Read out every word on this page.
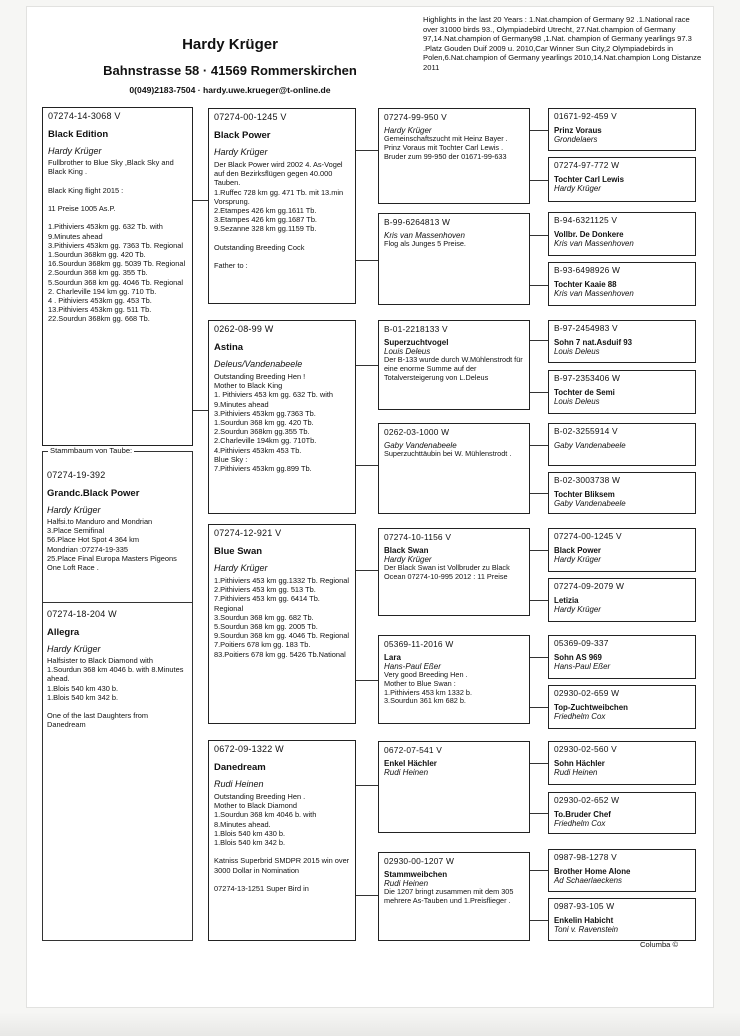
Hardy Krüger
Bahnstrasse 58 · 41569 Rommerskirchen
0(049)2183-7504 · hardy.uwe.krueger@t-online.de
Highlights in the last 20 Years : 1.Nat.champion of Germany 92 .1.National race over 31000 birds 93., Olympiadebird Utrecht, 27.Nat.champion of Germany 97,14.Nat.champion of Germany98 ,1.Nat. champion of Germany yearlings 97.3 .Platz Gouden Duif 2009 u. 2010,Car Winner Sun City,2 Olympiadebirds in Polen,6.Nat.champion of Germany yearlings 2010,14.Nat.champion Long Distanze 2011
07274-14-3068 V
Black Edition
Hardy Krüger
Fullbrother to Blue Sky ,Black Sky and Black King .

Black King flight 2015 :

11 Preise 1005 As.P.

1.Pithiviers 453km gg. 632 Tb. with 9.Minutes ahead
3.Pithiviers 453km gg. 7363 Tb. Regional
1.Sourdun 368km gg. 420 Tb.
16.Sourdun 368km gg. 5039 Tb. Regional
2.Sourdun 368 km gg. 355 Tb.
5.Sourdun 368 km gg. 4046 Tb. Regional
2. Charleville 194 km gg. 710 Tb.
4 . Pithiviers 453km gg. 453 Tb.
13.Pithiviers 453km gg. 511 Tb.
22.Sourdun 368km gg. 668 Tb.
Stammbaum von Taube:
07274-19-392
Grandc.Black Power
Hardy Krüger
Halfsi.to Manduro and Mondrian
3.Place Semifinal
56.Place Hot Spot 4 364 km
Mondrian :07274-19-335
25.Place Final Europa Masters Pigeons One Loft Race .
07274-18-204 W
Allegra
Hardy Krüger
Halfsister to Black Diamond with
1.Sourdun 368 km 4046 b. with 8.Minutes ahead.
1.Blois 540 km 430 b.
1.Blois 540 km 342 b.

One of the last Daughters from Danedream
07274-00-1245 V
Black Power
Hardy Krüger
Der Black Power wird 2002 4. As-Vogel auf den Bezirksflügen gegen 40.000 Tauben.
1.Ruffec 728 km gg. 471 Tb. mit 13.min Vorsprung.
2.Etampes 426 km gg.1611 Tb.
3.Etampes 426 km gg.1687 Tb.
9.Sezanne 328 km gg.1159 Tb.

Outstanding Breeding Cock

Father to :
0262-08-99 W
Astina
Deleus/Vandenabeele
Outstanding Breeding Hen !
Mother to Black King
1. Pithiviers 453 km gg. 632 Tb. with 9.Minutes ahead
3.Pithiviers 453km gg.7363 Tb.
1.Sourdun 368 km gg. 420 Tb.
2.Sourdun 368km gg.355 Tb.
2.Charleville 194km gg. 710Tb.
4.Pithiviers 453km 453 Tb.
Blue Sky :
7.Pithiviers 453km gg.899 Tb.
07274-12-921 V
Blue Swan
Hardy Krüger
1.Pithiviers 453 km gg.1332 Tb. Regional
2.Pithiviers 453 km gg. 513 Tb.
7.Pithiviers 453 km gg. 6414 Tb. Regional
3.Sourdun 368 km gg. 682 Tb.
5.Sourdun 368 km gg. 2005 Tb.
9.Sourdun 368 km gg. 4046 Tb. Regional
7.Poitiers 678 km gg. 183 Tb.
83.Poitiers 678 km gg. 5426 Tb.National
0672-09-1322 W
Danedream
Rudi Heinen
Outstanding Breeding Hen .
Mother to Black Diamond
1.Sourdun 368 km 4046 b. with 8.Minutes ahead.
1.Blois 540 km 430 b.
1.Blois 540 km 342 b.

Katniss Superbrid SMDPR 2015 win over 3000 Dollar in Nomination

07274-13-1251 Super Bird in
07274-99-950 V
Hardy Krüger
Gemeinschaftszucht mit Heinz Bayer . Prinz Voraus mit Tochter Carl Lewis . Bruder zum 99-950 der 01671-99-633
B-99-6264813 W
Kris van Massenhoven
Flog als Junges 5 Preise.
B-01-2218133 V
Superzuchtvogel
Louis Deleus
Der B-133 wurde durch W.Mühlenstrodt für eine enorme Summe auf der Totalversteigerung von L.Deleus
0262-03-1000 W
Gaby Vandenabeele
Superzuchttäubin bei W. Mühlenstrodt .
07274-10-1156 V
Black Swan
Hardy Krüger
Der Black Swan ist Vollbruder zu Black Ocean 07274-10-995 2012 : 11 Preise
05369-11-2016 W
Lara
Hans-Paul Eßer
Very good Breeding Hen .
Mother to Blue Swan :
1.Pithiviers 453 km 1332 b.
3.Sourdun 361 km 682 b.
0672-07-541 V
Enkel Hächler
Rudi Heinen
02930-00-1207 W
Stammweibchen
Rudi Heinen
Die 1207 bringt zusammen mit dem 305 mehrere As-Tauben und 1.Preisflieger .
01671-92-459 V
Prinz Voraus
Grondelaers
07274-97-772 W
Tochter Carl Lewis
Hardy Krüger
B-94-6321125 V
Vollbr. De Donkere
Kris van Massenhoven
B-93-6498926 W
Tochter Kaaie 88
Kris van Massenhoven
B-97-2454983 V
Sohn 7 nat.Asduif 93
Louis Deleus
B-97-2353406 W
Tochter de Semi
Louis Deleus
B-02-3255914 V
Gaby Vandenabeele
B-02-3003738 W
Tochter Bliksem
Gaby Vandenabeele
07274-00-1245 V
Black Power
Hardy Krüger
07274-09-2079 W
Letizia
Hardy Krüger
05369-09-337
Sohn AS 969
Hans-Paul Eßer
02930-02-659 W
Top-Zuchtweibchen
Friedhelm Cox
02930-02-560 V
Sohn Hächler
Rudi Heinen
02930-02-652 W
To.Bruder Chef
Friedhelm Cox
0987-98-1278 V
Brother Home Alone
Ad Schaerlaeckens
0987-93-105 W
Enkelin Habicht
Toni v. Ravenstein
Columba ©
